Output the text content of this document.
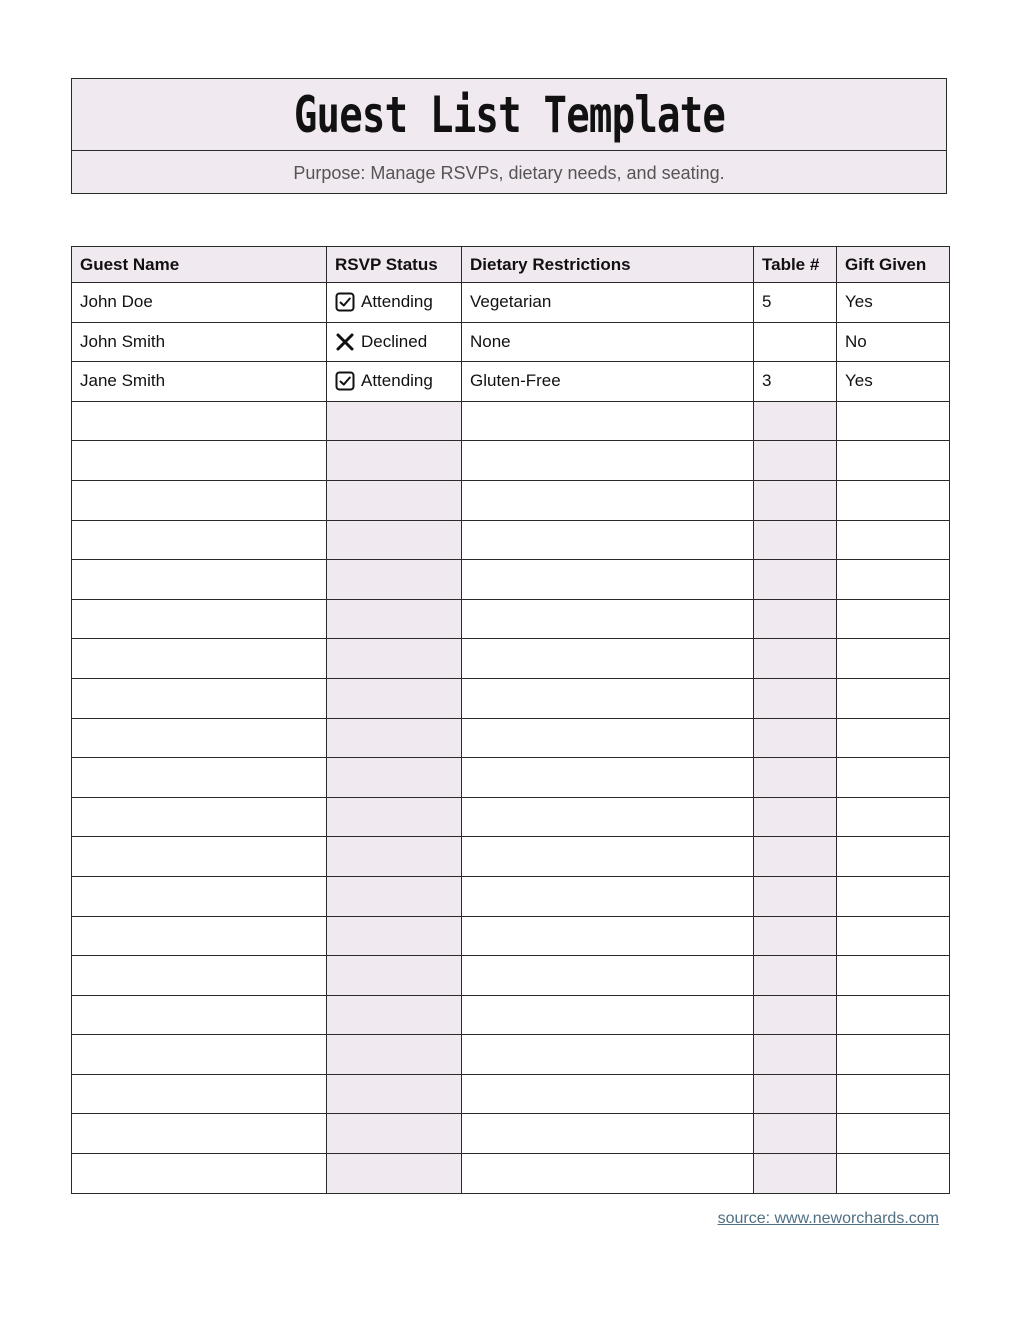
Guest List Template
Purpose: Manage RSVPs, dietary needs, and seating.
Guest Name	RSVP Status	Dietary Restrictions	Table #	Gift Given
John Doe	Attending	Vegetarian	5	Yes
John Smith	Declined	None		No
Jane Smith	Attending	Gluten-Free	3	Yes

source: www.neworchards.com
